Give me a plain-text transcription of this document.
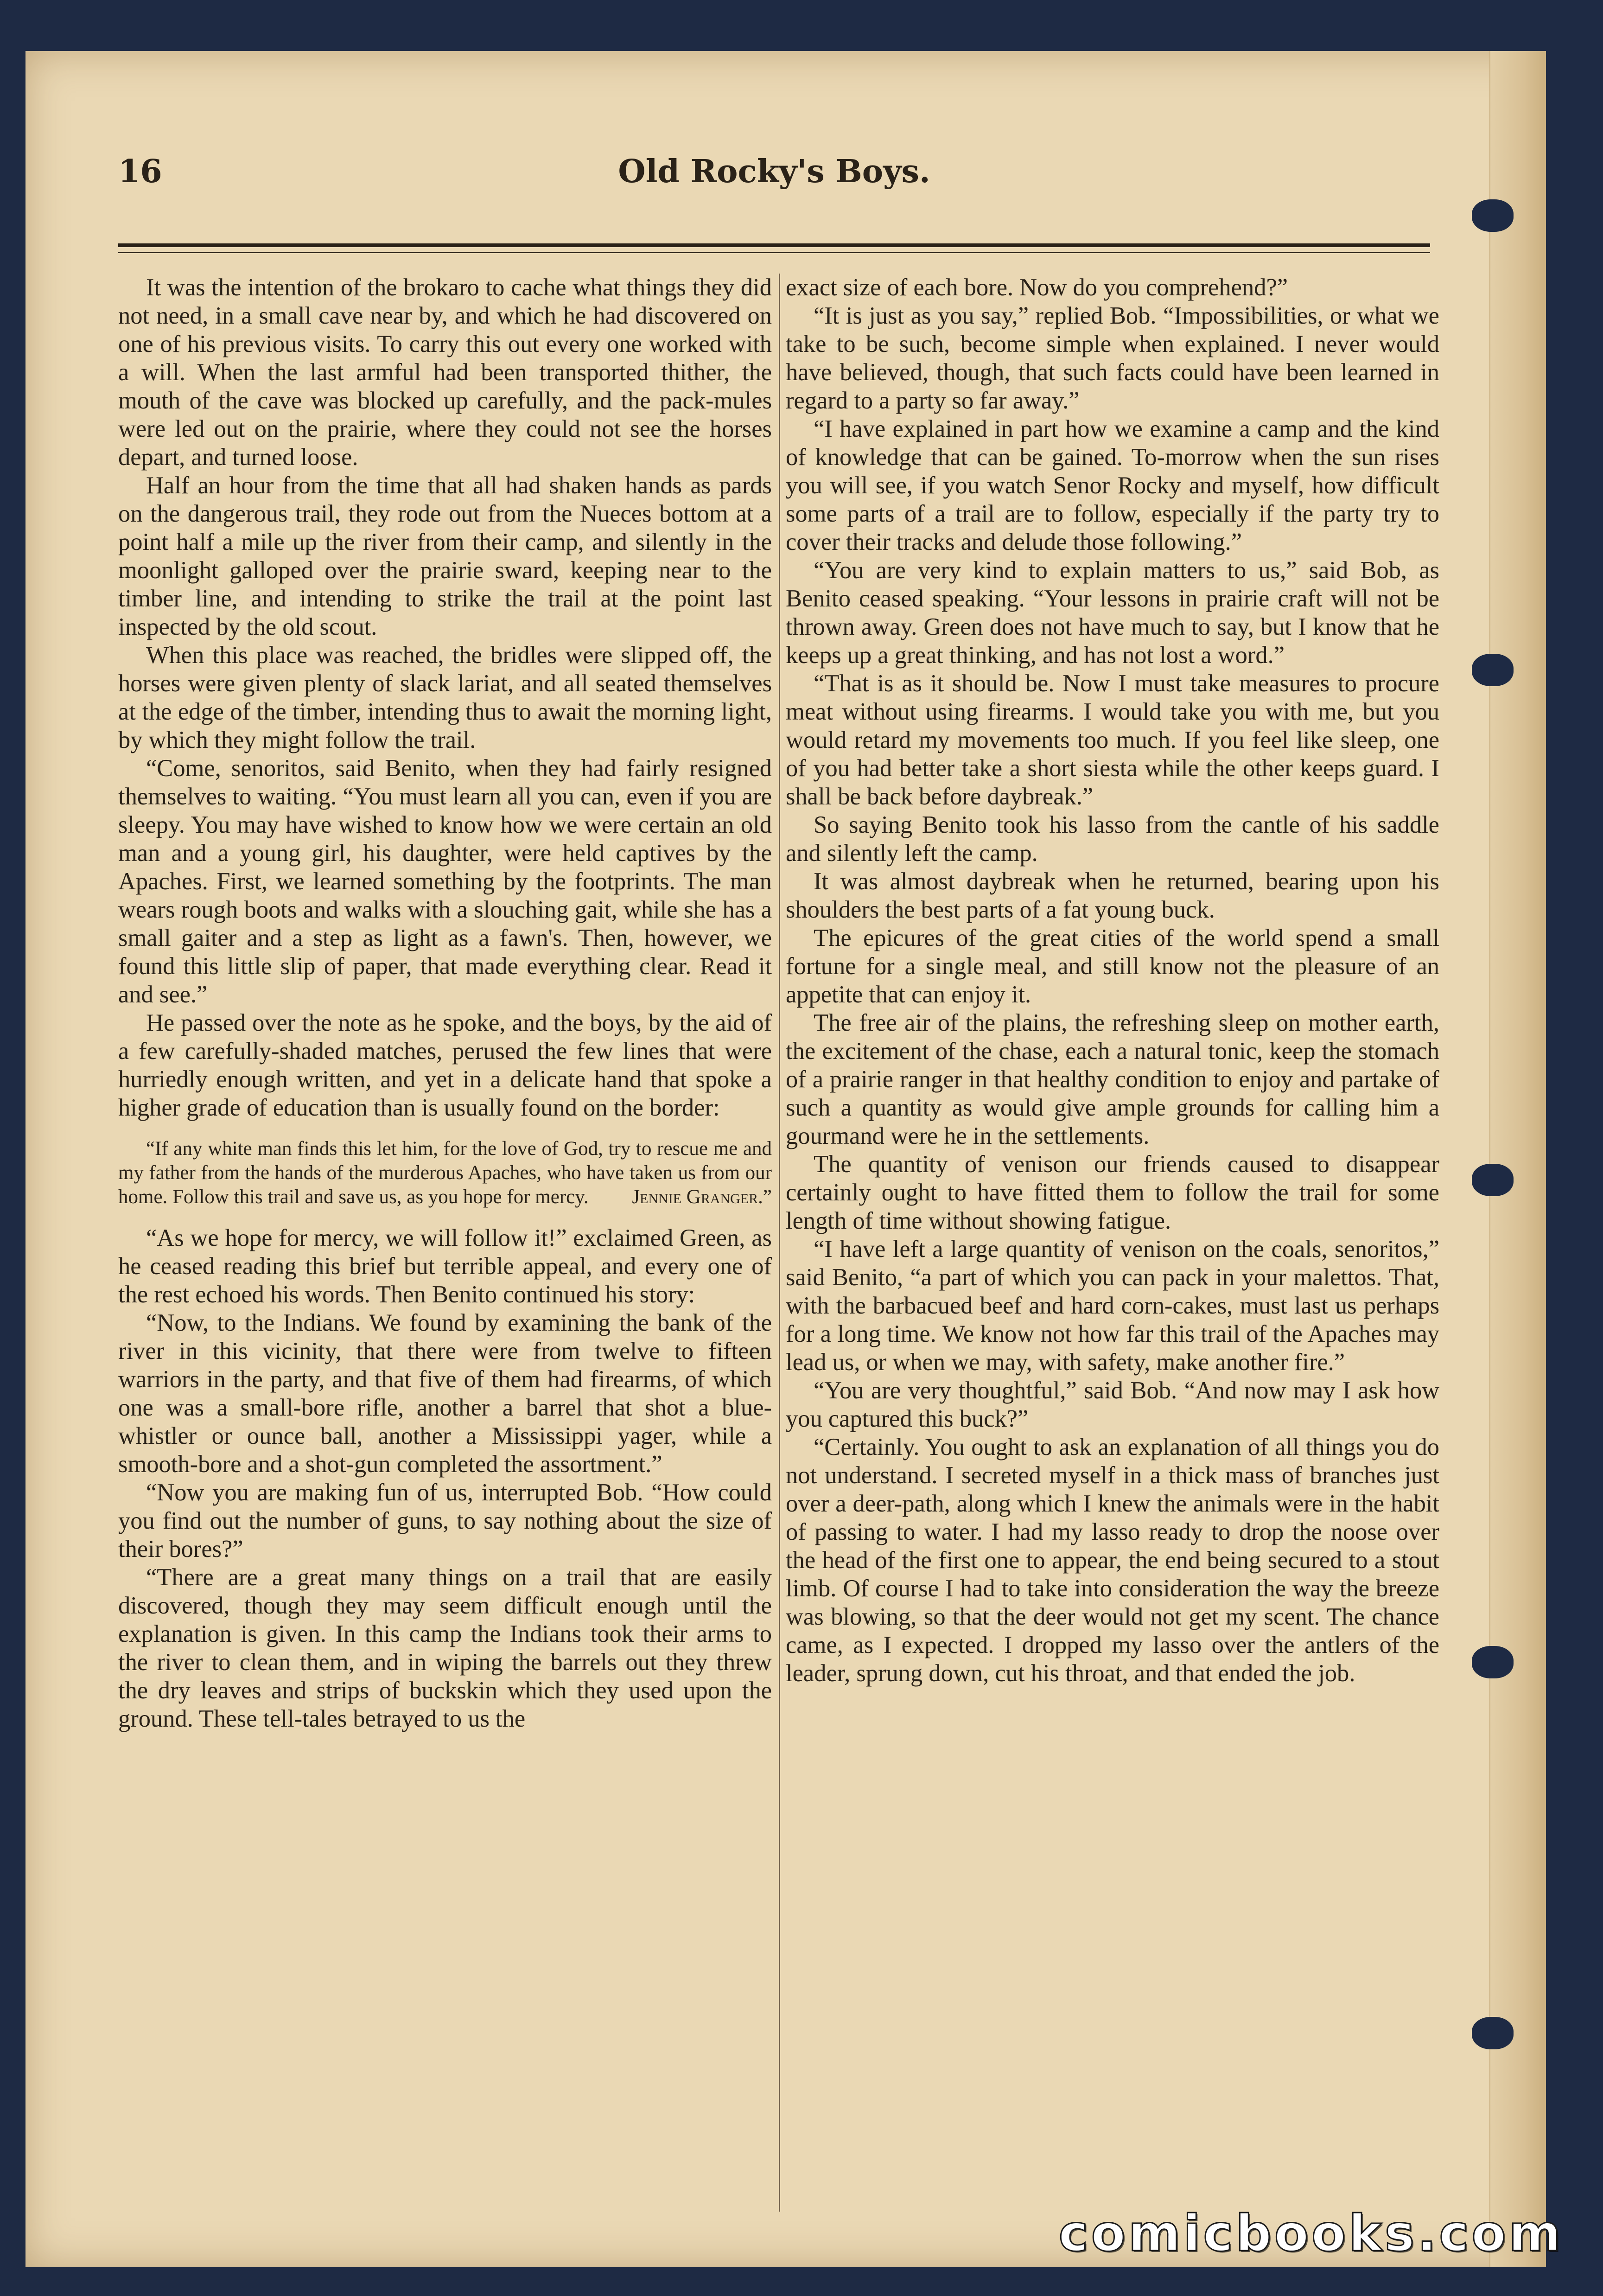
16	Old Rocky's Boys.

It was the intention of the brokaro to cache what things they did not need, in a small cave near by, and which he had discovered on one of his previous visits. To carry this out every one worked with a will. When the last armful had been transported thither, the mouth of the cave was blocked up carefully, and the pack-mules were led out on the prairie, where they could not see the horses depart, and turned loose.

Half an hour from the time that all had shaken hands as pards on the dangerous trail, they rode out from the Nueces bottom at a point half a mile up the river from their camp, and silently in the moonlight galloped over the prairie sward, keeping near to the timber line, and intending to strike the trail at the point last inspected by the old scout.

When this place was reached, the bridles were slipped off, the horses were given plenty of slack lariat, and all seated themselves at the edge of the timber, intending thus to await the morning light, by which they might follow the trail.

“Come, senoritos, said Benito, when they had fairly resigned themselves to waiting. “You must learn all you can, even if you are sleepy. You may have wished to know how we were certain an old man and a young girl, his daughter, were held captives by the Apaches. First, we learned something by the footprints. The man wears rough boots and walks with a slouching gait, while she has a small gaiter and a step as light as a fawn's. Then, however, we found this little slip of paper, that made everything clear. Read it and see.”

He passed over the note as he spoke, and the boys, by the aid of a few carefully-shaded matches, perused the few lines that were hurriedly enough written, and yet in a delicate hand that spoke a higher grade of education than is usually found on the border:

“If any white man finds this let him, for the love of God, try to rescue me and my father from the hands of the murderous Apaches, who have taken us from our home. Follow this trail and save us, as you hope for mercy.	Jennie Granger.”

“As we hope for mercy, we will follow it!” exclaimed Green, as he ceased reading this brief but terrible appeal, and every one of the rest echoed his words. Then Benito continued his story:

“Now, to the Indians. We found by examining the bank of the river in this vicinity, that there were from twelve to fifteen warriors in the party, and that five of them had firearms, of which one was a small-bore rifle, another a barrel that shot a blue-whistler or ounce ball, another a Mississippi yager, while a smooth-bore and a shot-gun completed the assortment.”

“Now you are making fun of us, interrupted Bob. “How could you find out the number of guns, to say nothing about the size of their bores?”

“There are a great many things on a trail that are easily discovered, though they may seem difficult enough until the explanation is given. In this camp the Indians took their arms to the river to clean them, and in wiping the barrels out they threw the dry leaves and strips of buckskin which they used upon the ground. These tell-tales betrayed to us the

exact size of each bore. Now do you comprehend?”

“It is just as you say,” replied Bob. “Impossibilities, or what we take to be such, become simple when explained. I never would have believed, though, that such facts could have been learned in regard to a party so far away.”

“I have explained in part how we examine a camp and the kind of knowledge that can be gained. To-morrow when the sun rises you will see, if you watch Senor Rocky and myself, how difficult some parts of a trail are to follow, especially if the party try to cover their tracks and delude those following.”

“You are very kind to explain matters to us,” said Bob, as Benito ceased speaking. “Your lessons in prairie craft will not be thrown away. Green does not have much to say, but I know that he keeps up a great thinking, and has not lost a word.”

“That is as it should be. Now I must take measures to procure meat without using firearms. I would take you with me, but you would retard my movements too much. If you feel like sleep, one of you had better take a short siesta while the other keeps guard. I shall be back before daybreak.”

So saying Benito took his lasso from the cantle of his saddle and silently left the camp.

It was almost daybreak when he returned, bearing upon his shoulders the best parts of a fat young buck.

The epicures of the great cities of the world spend a small fortune for a single meal, and still know not the pleasure of an appetite that can enjoy it.

The free air of the plains, the refreshing sleep on mother earth, the excitement of the chase, each a natural tonic, keep the stomach of a prairie ranger in that healthy condition to enjoy and partake of such a quantity as would give ample grounds for calling him a gourmand were he in the settlements.

The quantity of venison our friends caused to disappear certainly ought to have fitted them to follow the trail for some length of time without showing fatigue.

“I have left a large quantity of venison on the coals, senoritos,” said Benito, “a part of which you can pack in your malettos. That, with the barbacued beef and hard corn-cakes, must last us perhaps for a long time. We know not how far this trail of the Apaches may lead us, or when we may, with safety, make another fire.”

“You are very thoughtful,” said Bob. “And now may I ask how you captured this buck?”

“Certainly. You ought to ask an explanation of all things you do not understand. I secreted myself in a thick mass of branches just over a deer-path, along which I knew the animals were in the habit of passing to water. I had my lasso ready to drop the noose over the head of the first one to appear, the end being secured to a stout limb. Of course I had to take into consideration the way the breeze was blowing, so that the deer would not get my scent. The chance came, as I expected. I dropped my lasso over the antlers of the leader, sprung down, cut his throat, and that ended the job.

comicbooks.com
